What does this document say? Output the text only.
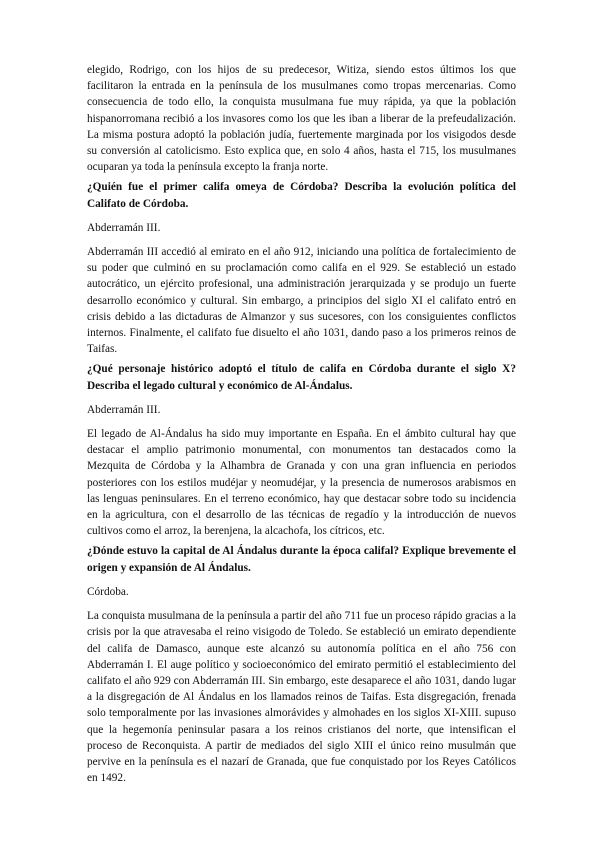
elegido, Rodrigo, con los hijos de su predecesor, Witiza, siendo estos últimos los que facilitaron la entrada en la península de los musulmanes como tropas mercenarias. Como consecuencia de todo ello, la conquista musulmana fue muy rápida, ya que la población hispanorromana recibió a los invasores como los que les iban a liberar de la prefeudalización. La misma postura adoptó la población judía, fuertemente marginada por los visigodos desde su conversión al catolicismo. Esto explica que, en solo 4 años, hasta el 715, los musulmanes ocuparan ya toda la península excepto la franja norte.

¿Quién fue el primer califa omeya de Córdoba? Describa la evolución política del Califato de Córdoba.

Abderramán III.

Abderramán III accedió al emirato en el año 912, iniciando una política de fortalecimiento de su poder que culminó en su proclamación como califa en el 929. Se estableció un estado autocrático, un ejército profesional, una administración jerarquizada y se produjo un fuerte desarrollo económico y cultural. Sin embargo, a principios del siglo XI el califato entró en crisis debido a las dictaduras de Almanzor y sus sucesores, con los consiguientes conflictos internos. Finalmente, el califato fue disuelto el año 1031, dando paso a los primeros reinos de Taifas.

¿Qué personaje histórico adoptó el título de califa en Córdoba durante el siglo X? Describa el legado cultural y económico de Al-Ándalus.

Abderramán III.

El legado de Al-Ándalus ha sido muy importante en España. En el ámbito cultural hay que destacar el amplio patrimonio monumental, con monumentos tan destacados como la Mezquita de Córdoba y la Alhambra de Granada y con una gran influencia en periodos posteriores con los estilos mudéjar y neomudéjar, y la presencia de numerosos arabismos en las lenguas peninsulares. En el terreno económico, hay que destacar sobre todo su incidencia en la agricultura, con el desarrollo de las técnicas de regadío y la introducción de nuevos cultivos como el arroz, la berenjena, la alcachofa, los cítricos, etc.

¿Dónde estuvo la capital de Al Ándalus durante la época califal? Explique brevemente el origen y expansión de Al Ándalus.

Córdoba.

La conquista musulmana de la península a partir del año 711 fue un proceso rápido gracias a la crisis por la que atravesaba el reino visigodo de Toledo. Se estableció un emirato dependiente del califa de Damasco, aunque este alcanzó su autonomía política en el año 756 con Abderramán I. El auge político y socioeconómico del emirato permitió el establecimiento del califato el año 929 con Abderramán III. Sin embargo, este desaparece el año 1031, dando lugar a la disgregación de Al Ándalus en los llamados reinos de Taifas. Esta disgregación, frenada solo temporalmente por las invasiones almorávides y almohades en los siglos XI-XIII. supuso que la hegemonía peninsular pasara a los reinos cristianos del norte, que intensifican el proceso de Reconquista. A partir de mediados del siglo XIII el único reino musulmán que pervive en la península es el nazarí de Granada, que fue conquistado por los Reyes Católicos en 1492.
